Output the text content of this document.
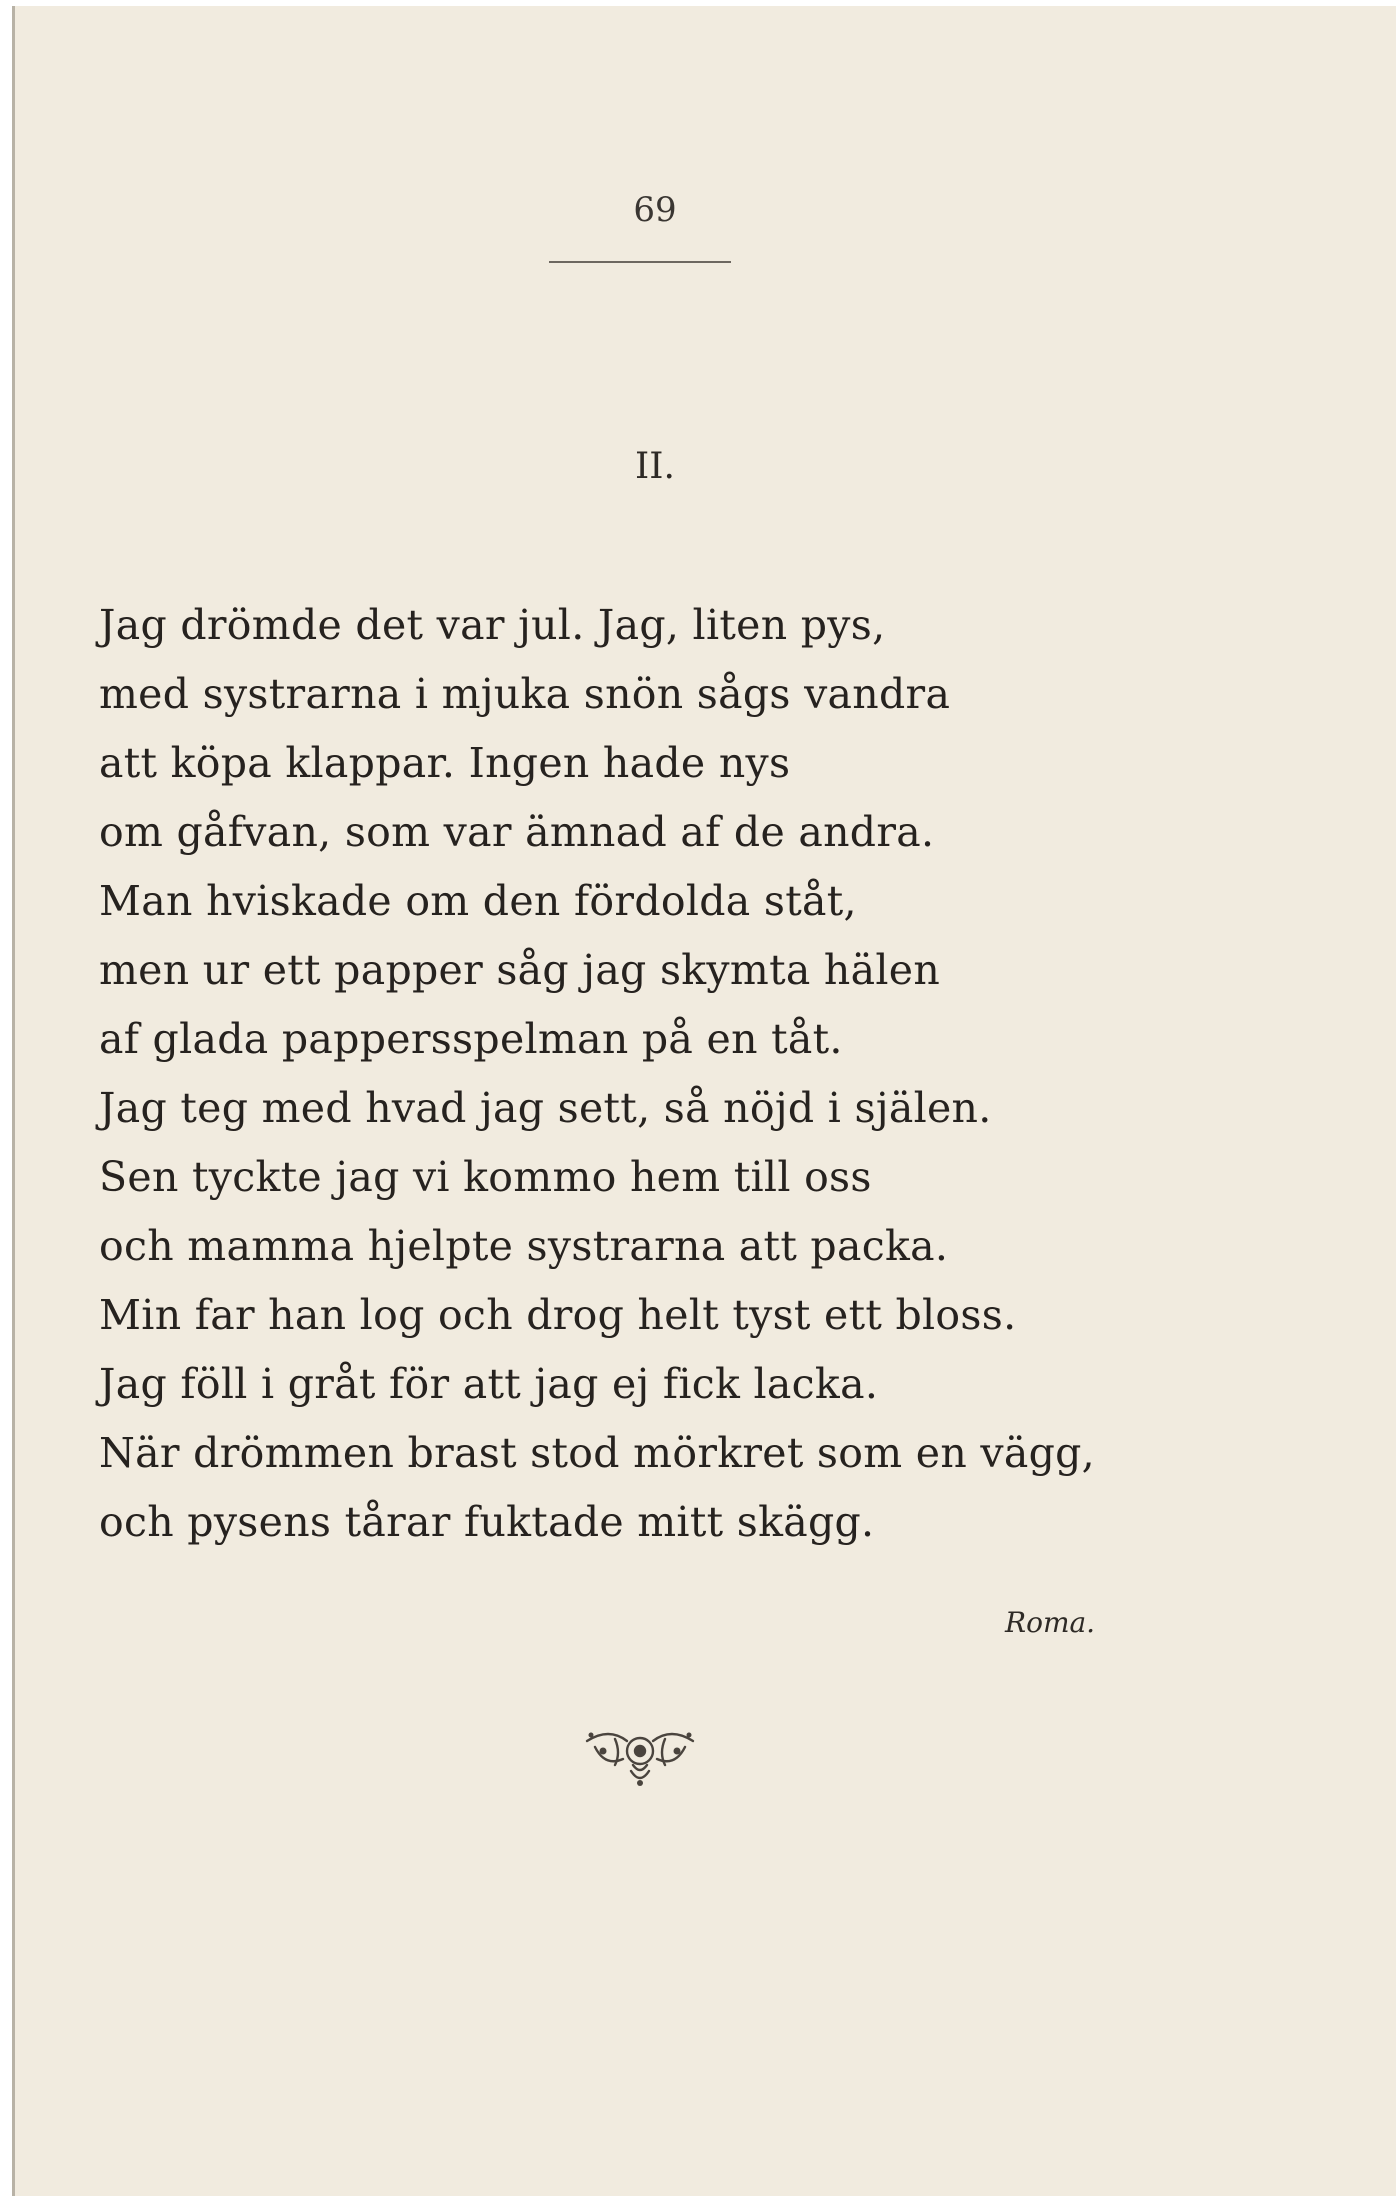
69

II.

Jag drömde det var jul. Jag, liten pys,
med systrarna i mjuka snön sågs vandra
att köpa klappar. Ingen hade nys
om gåfvan, som var ämnad af de andra.
Man hviskade om den fördolda ståt,
men ur ett papper såg jag skymta hälen
af glada pappersspelman på en tåt.
Jag teg med hvad jag sett, så nöjd i själen.
Sen tyckte jag vi kommo hem till oss
och mamma hjelpte systrarna att packa.
Min far han log och drog helt tyst ett bloss.
Jag föll i gråt för att jag ej fick lacka.
När drömmen brast stod mörkret som en vägg,
och pysens tårar fuktade mitt skägg.

Roma.
